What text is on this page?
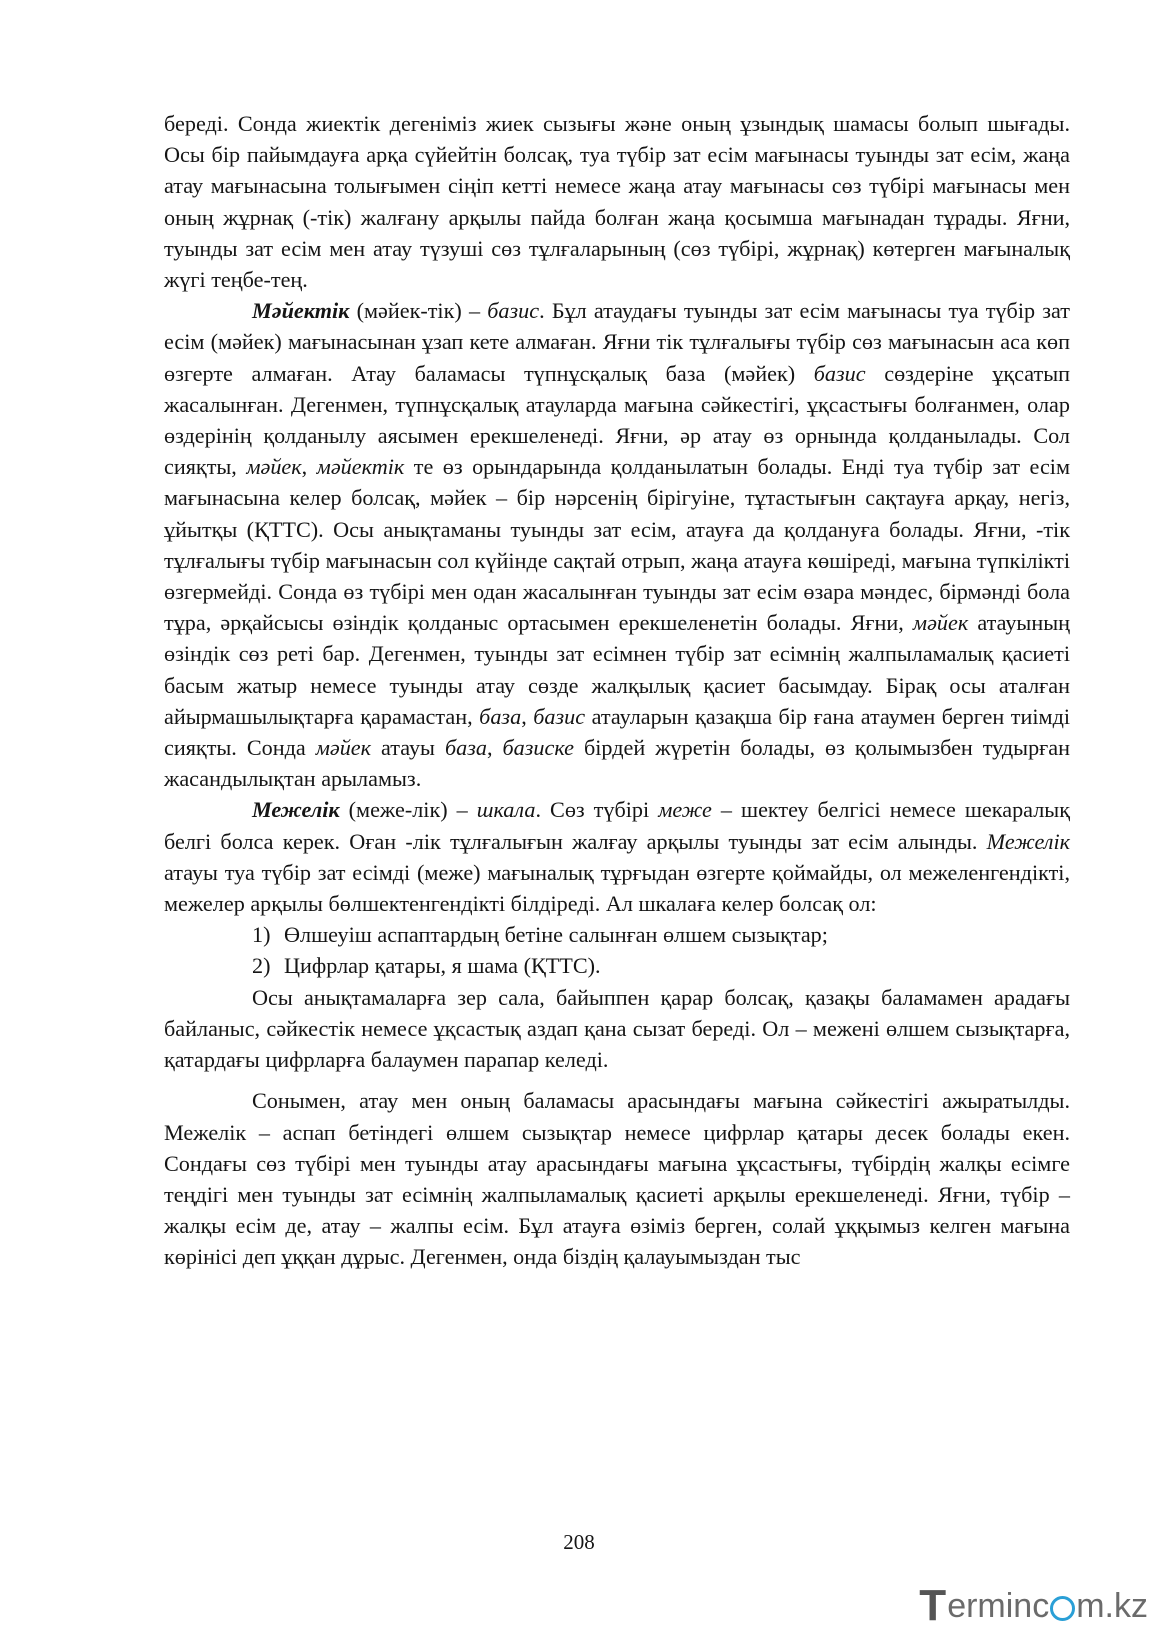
береді. Сонда жиектік дегеніміз жиек сызығы және оның ұзындық шамасы болып шығады. Осы бір пайымдауға арқа сүйейтін болсақ, туа түбір зат есім мағынасы туынды зат есім, жаңа атау мағынасына толығымен сіңіп кетті немесе жаңа атау мағынасы сөз түбірі мағынасы мен оның жұрнақ (-тік) жалғану арқылы пайда болған жаңа қосымша мағынадан тұрады. Яғни, туынды зат есім мен атау түзуші сөз тұлғаларының (сөз түбірі, жұрнақ) көтерген мағыналық жүгі теңбе-тең.

Мәйектік (мәйек-тік) – базис. Бұл атаудағы туынды зат есім мағынасы туа түбір зат есім (мәйек) мағынасынан ұзап кете алмаған. Яғни тік тұлғалығы түбір сөз мағынасын аса көп өзгерте алмаған. Атау баламасы түпнұсқалық база (мәйек) базис сөздеріне ұқсатып жасалынған. Дегенмен, түпнұсқалық атауларда мағына сәйкестігі, ұқсастығы болғанмен, олар өздерінің қолданылу аясымен ерекшеленеді. Яғни, әр атау өз орнында қолданылады. Сол сияқты, мәйек, мәйектік те өз орындарында қолданылатын болады. Енді туа түбір зат есім мағынасына келер болсақ, мәйек – бір нәрсенің бірігуіне, тұтастығын сақтауға арқау, негіз, ұйытқы (ҚТТС). Осы анықтаманы туынды зат есім, атауға да қолдануға болады. Яғни, -тік тұлғалығы түбір мағынасын сол күйінде сақтай отрып, жаңа атауға көшіреді, мағына түпкілікті өзгермейді. Сонда өз түбірі мен одан жасалынған туынды зат есім өзара мәндес, бірмәнді бола тұра, әрқайсысы өзіндік қолданыс ортасымен ерекшеленетін болады. Яғни, мәйек атауының өзіндік сөз реті бар. Дегенмен, туынды зат есімнен түбір зат есімнің жалпыламалық қасиеті басым жатыр немесе туынды атау сөзде жалқылық қасиет басымдау. Бірақ осы аталған айырмашылықтарға қарамастан, база, базис атауларын қазақша бір ғана атаумен берген тиімді сияқты. Сонда мәйек атауы база, базиске бірдей жүретін болады, өз қолымызбен тудырған жасандылықтан арыламыз.

Межелік (меже-лік) – шкала. Сөз түбірі меже – шектеу белгісі немесе шекаралық белгі болса керек. Оған -лік тұлғалығын жалғау арқылы туынды зат есім алынды. Межелік атауы туа түбір зат есімді (меже) мағыналық тұрғыдан өзгерте қоймайды, ол межеленгендікті, межелер арқылы бөлшектенгендікті білдіреді. Ал шкалаға келер болсақ ол:

1) Өлшеуіш аспаптардың бетіне салынған өлшем сызықтар;

2) Цифрлар қатары, я шама (ҚТТС).

Осы анықтамаларға зер сала, байыппен қарар болсақ, қазақы баламамен арадағы байланыс, сәйкестік немесе ұқсастық аздап қана сызат береді. Ол – межені өлшем сызықтарға, қатардағы цифрларға балаумен парапар келеді.

Сонымен, атау мен оның баламасы арасындағы мағына сәйкестігі ажыратылды. Межелік – аспап бетіндегі өлшем сызықтар немесе цифрлар қатары десек болады екен. Сондағы сөз түбірі мен туынды атау арасындағы мағына ұқсастығы, түбірдің жалқы есімге теңдігі мен туынды зат есімнің жалпыламалық қасиеті арқылы ерекшеленеді. Яғни, түбір – жалқы есім де, атау – жалпы есім. Бұл атауға өзіміз берген, солай ұққымыз келген мағына көрінісі деп ұққан дұрыс. Дегенмен, онда біздің қалауымыздан тыс

208
T erminc m.kz
